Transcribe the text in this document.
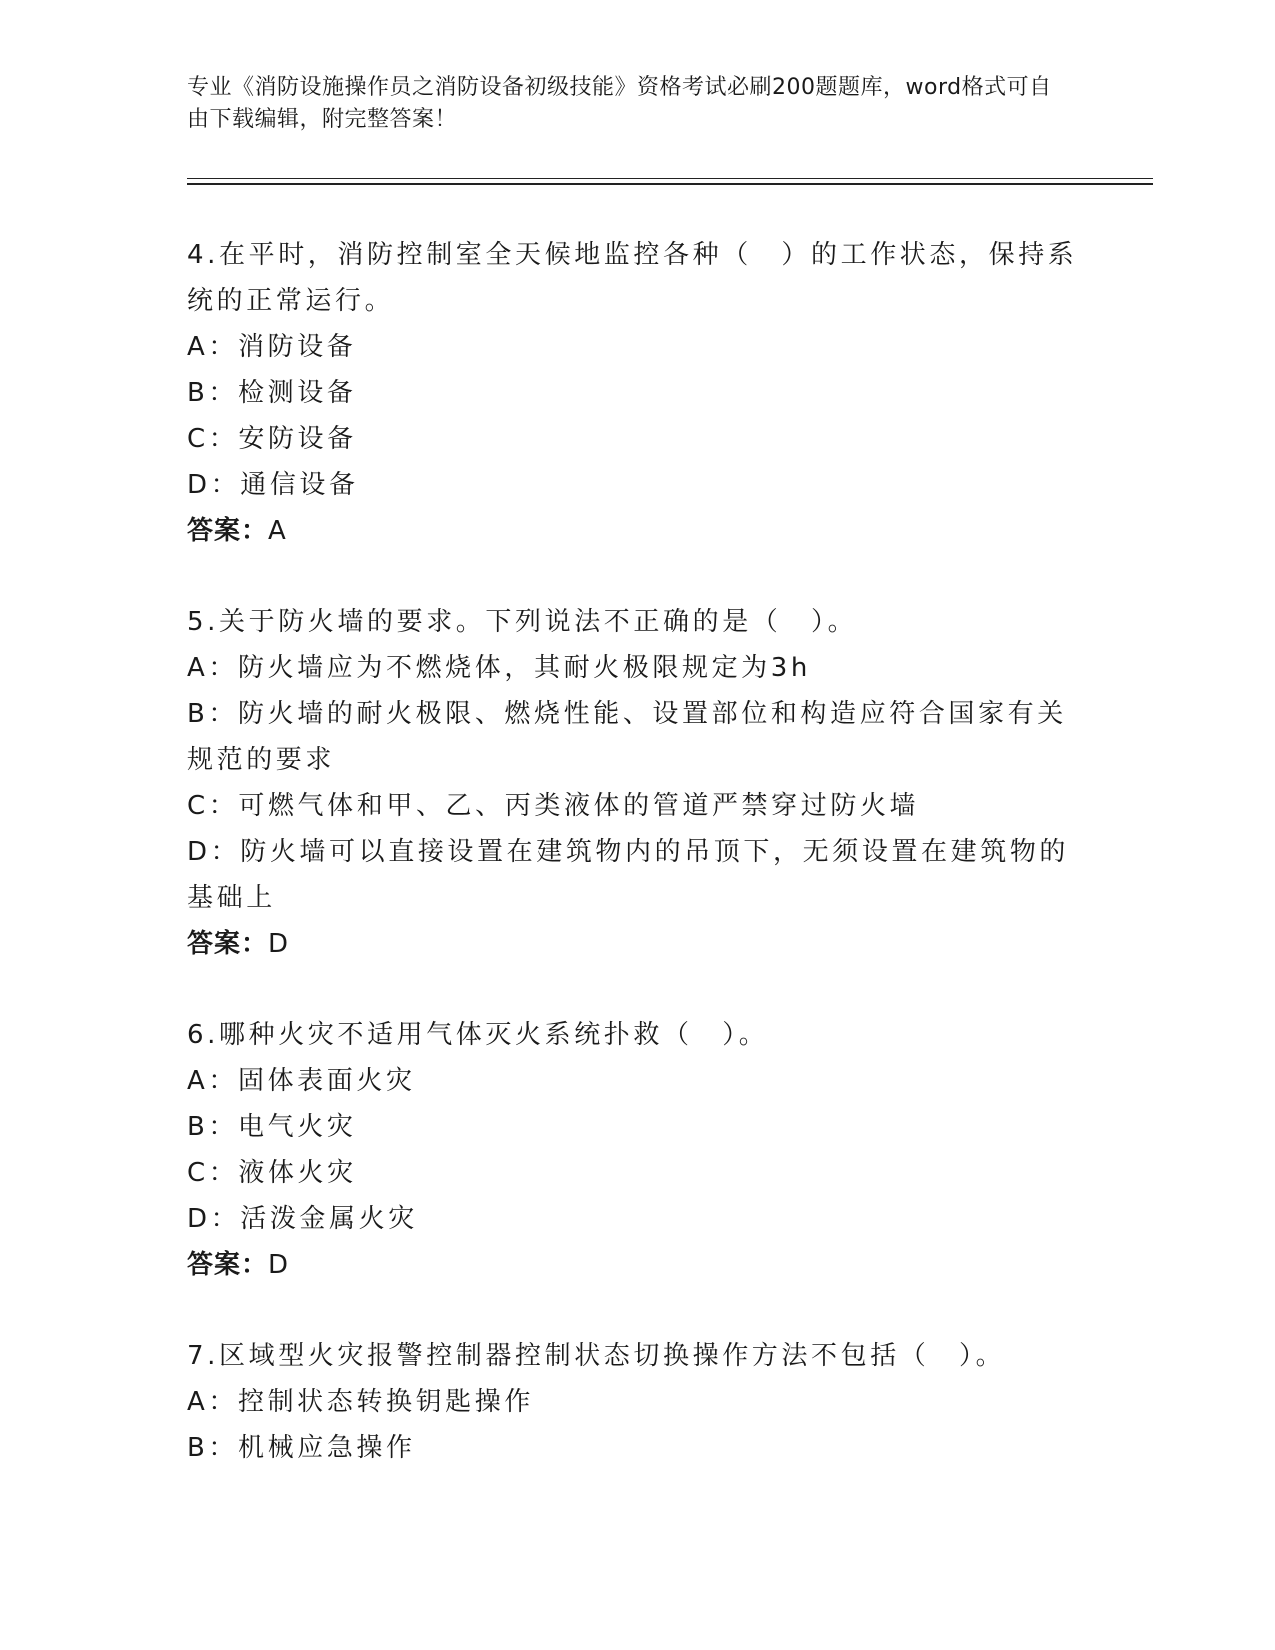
专业《消防设施操作员之消防设备初级技能》资格考试必刷200题题库，word格式可自由下载编辑，附完整答案！
4.在平时，消防控制室全天候地监控各种（　）的工作状态，保持系统的正常运行。
A：消防设备
B：检测设备
C：安防设备
D：通信设备
答案：A
5.关于防火墙的要求。下列说法不正确的是（　）。
A：防火墙应为不燃烧体，其耐火极限规定为3h
B：防火墙的耐火极限、燃烧性能、设置部位和构造应符合国家有关规范的要求
C：可燃气体和甲、乙、丙类液体的管道严禁穿过防火墙
D：防火墙可以直接设置在建筑物内的吊顶下，无须设置在建筑物的基础上
答案：D
6.哪种火灾不适用气体灭火系统扑救（　）。
A：固体表面火灾
B：电气火灾
C：液体火灾
D：活泼金属火灾
答案：D
7.区域型火灾报警控制器控制状态切换操作方法不包括（　）。
A：控制状态转换钥匙操作
B：机械应急操作
